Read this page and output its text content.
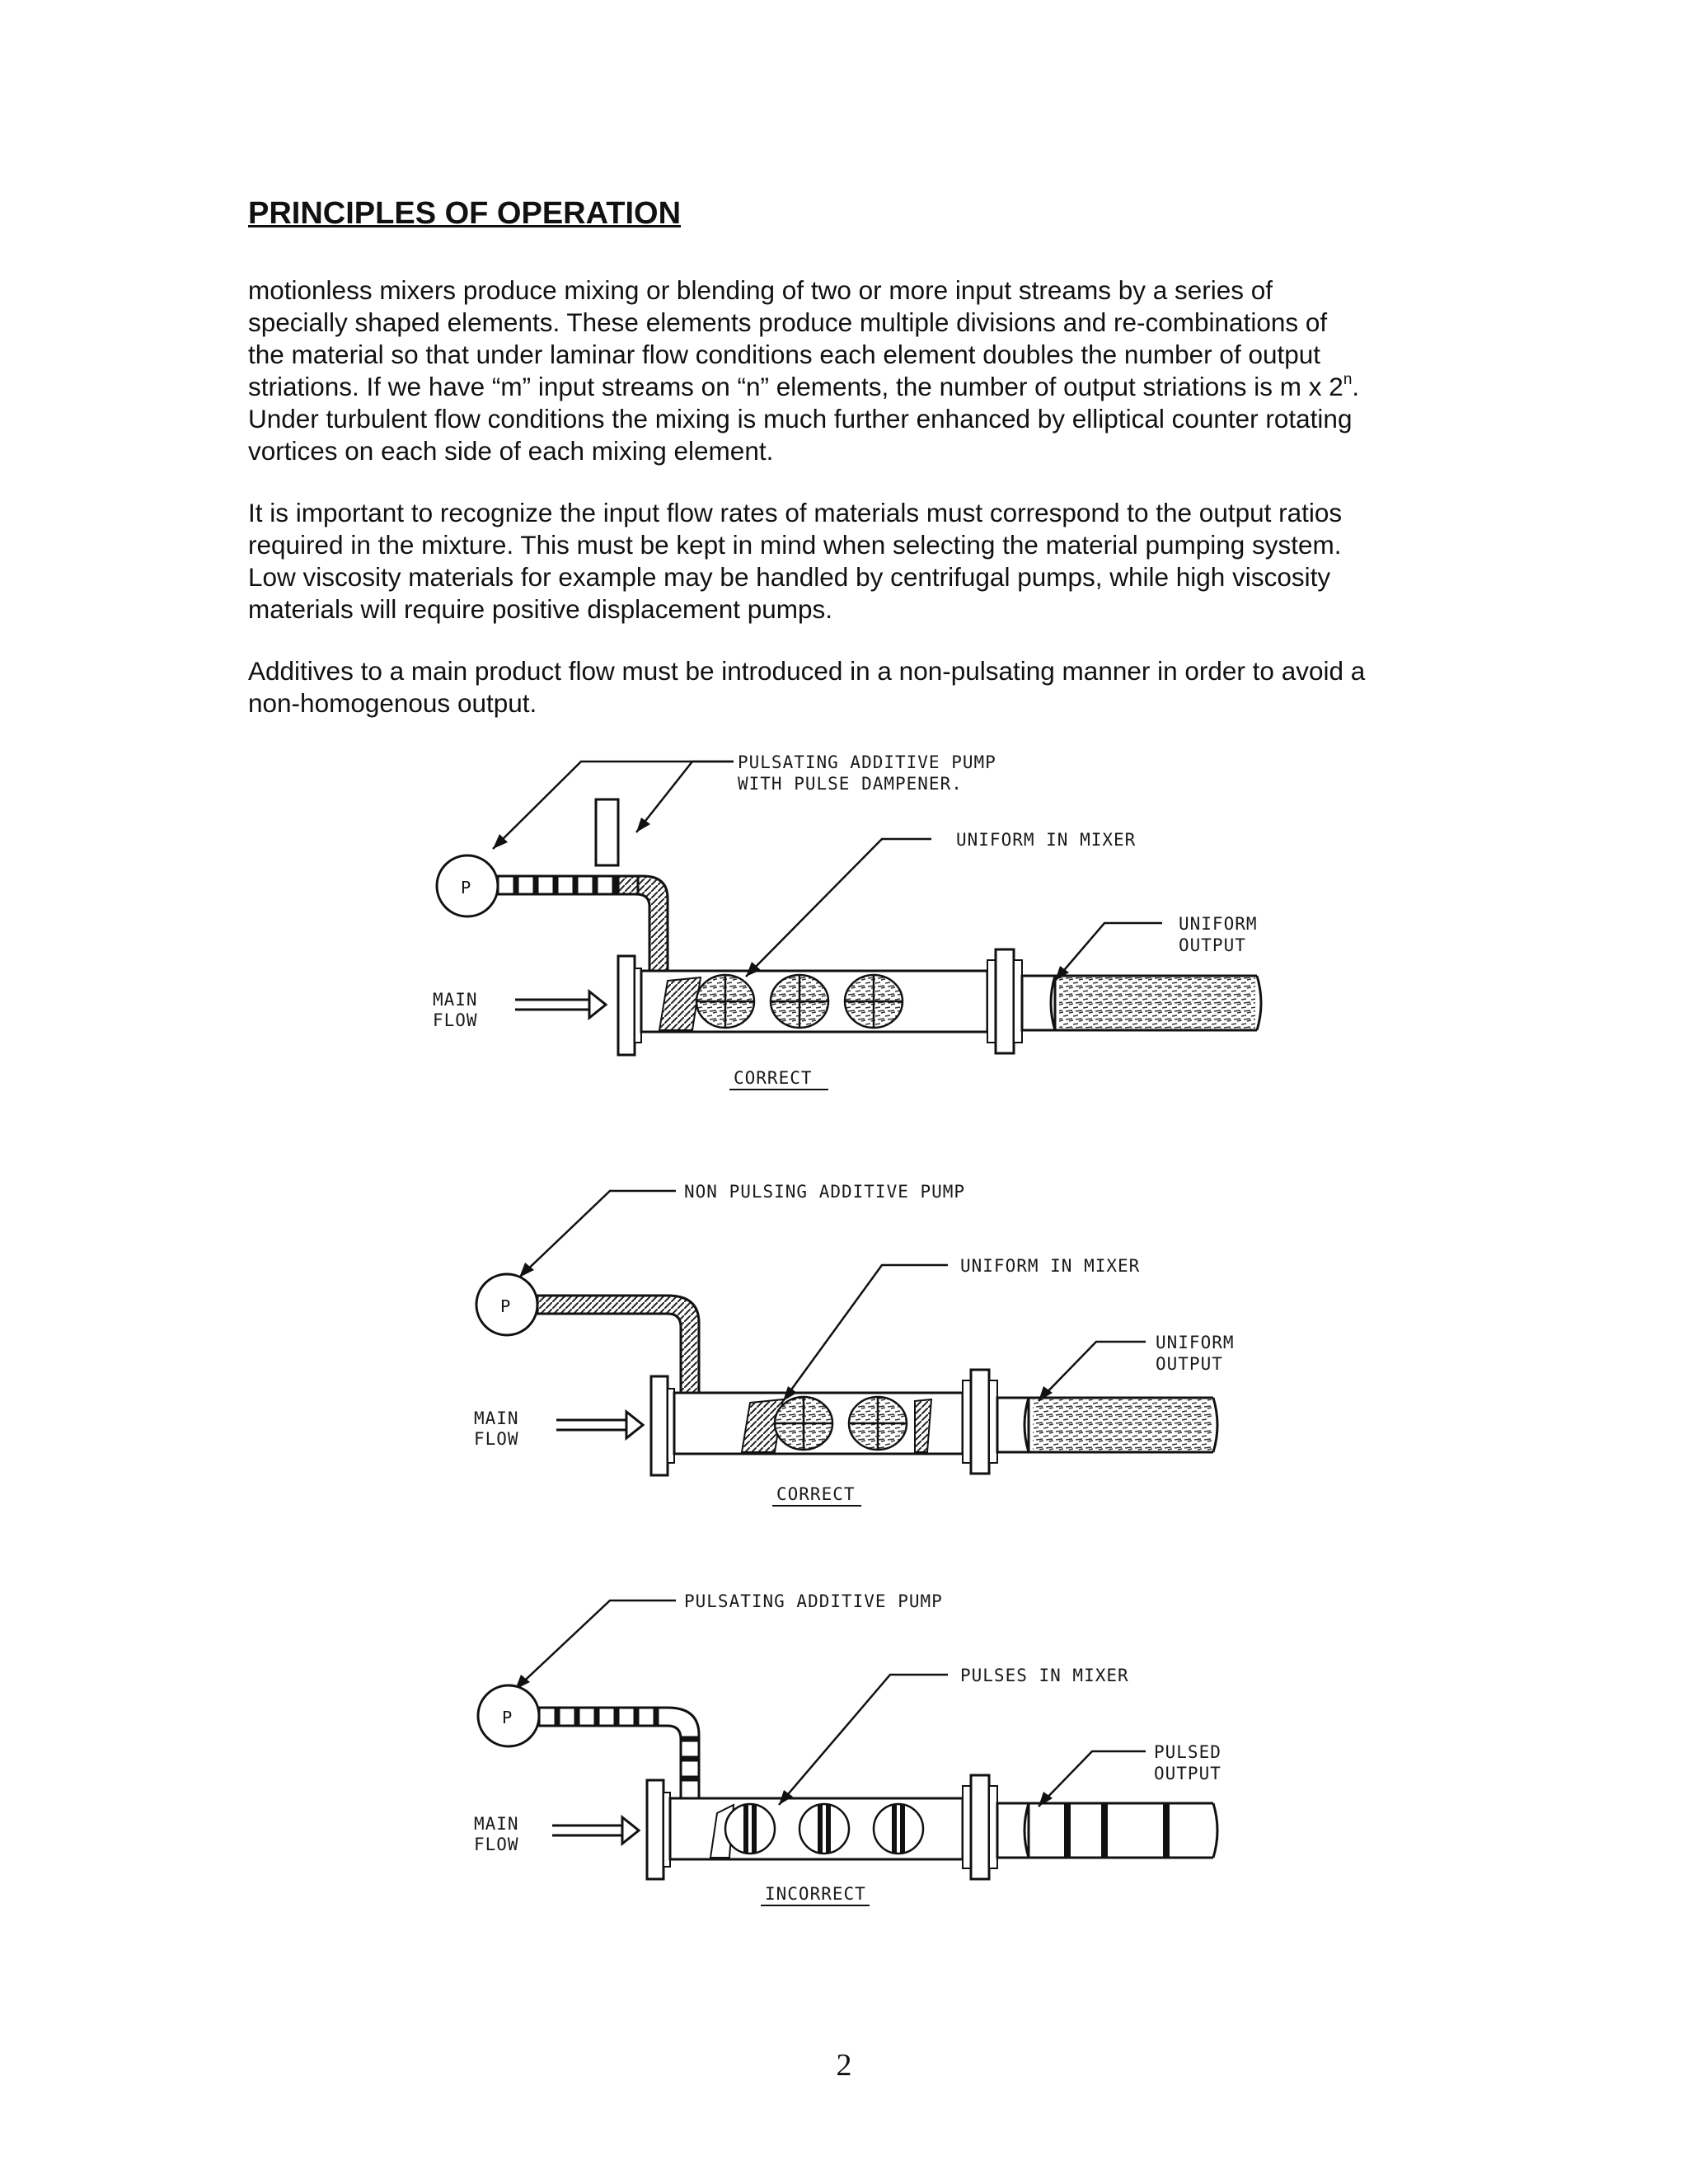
PRINCIPLES OF OPERATION

motionless mixers produce mixing or blending of two or more input streams by a series of
specially shaped elements. These elements produce multiple divisions and re-combinations of
the material so that under laminar flow conditions each element doubles the number of output
striations. If we have “m” input streams on “n” elements, the number of output striations is m x 2$^n$.
Under turbulent flow conditions the mixing is much further enhanced by elliptical counter rotating
vortices on each side of each mixing element.

It is important to recognize the input flow rates of materials must correspond to the output ratios
required in the mixture. This must be kept in mind when selecting the material pumping system.
Low viscosity materials for example may be handled by centrifugal pumps, while high viscosity
materials will require positive displacement pumps.

Additives to a main product flow must be introduced in a non-pulsating manner in order to avoid a
non-homogenous output.

PULSATING ADDITIVE PUMP
WITH PULSE DAMPENER.
P
MAIN
FLOW
UNIFORM IN MIXER
UNIFORM
OUTPUT
CORRECT
NON PULSING ADDITIVE PUMP
P
MAIN
FLOW
UNIFORM IN MIXER
UNIFORM
OUTPUT
CORRECT
PULSATING ADDITIVE PUMP
P
MAIN
FLOW
PULSES IN MIXER
PULSED
OUTPUT
INCORRECT
2
